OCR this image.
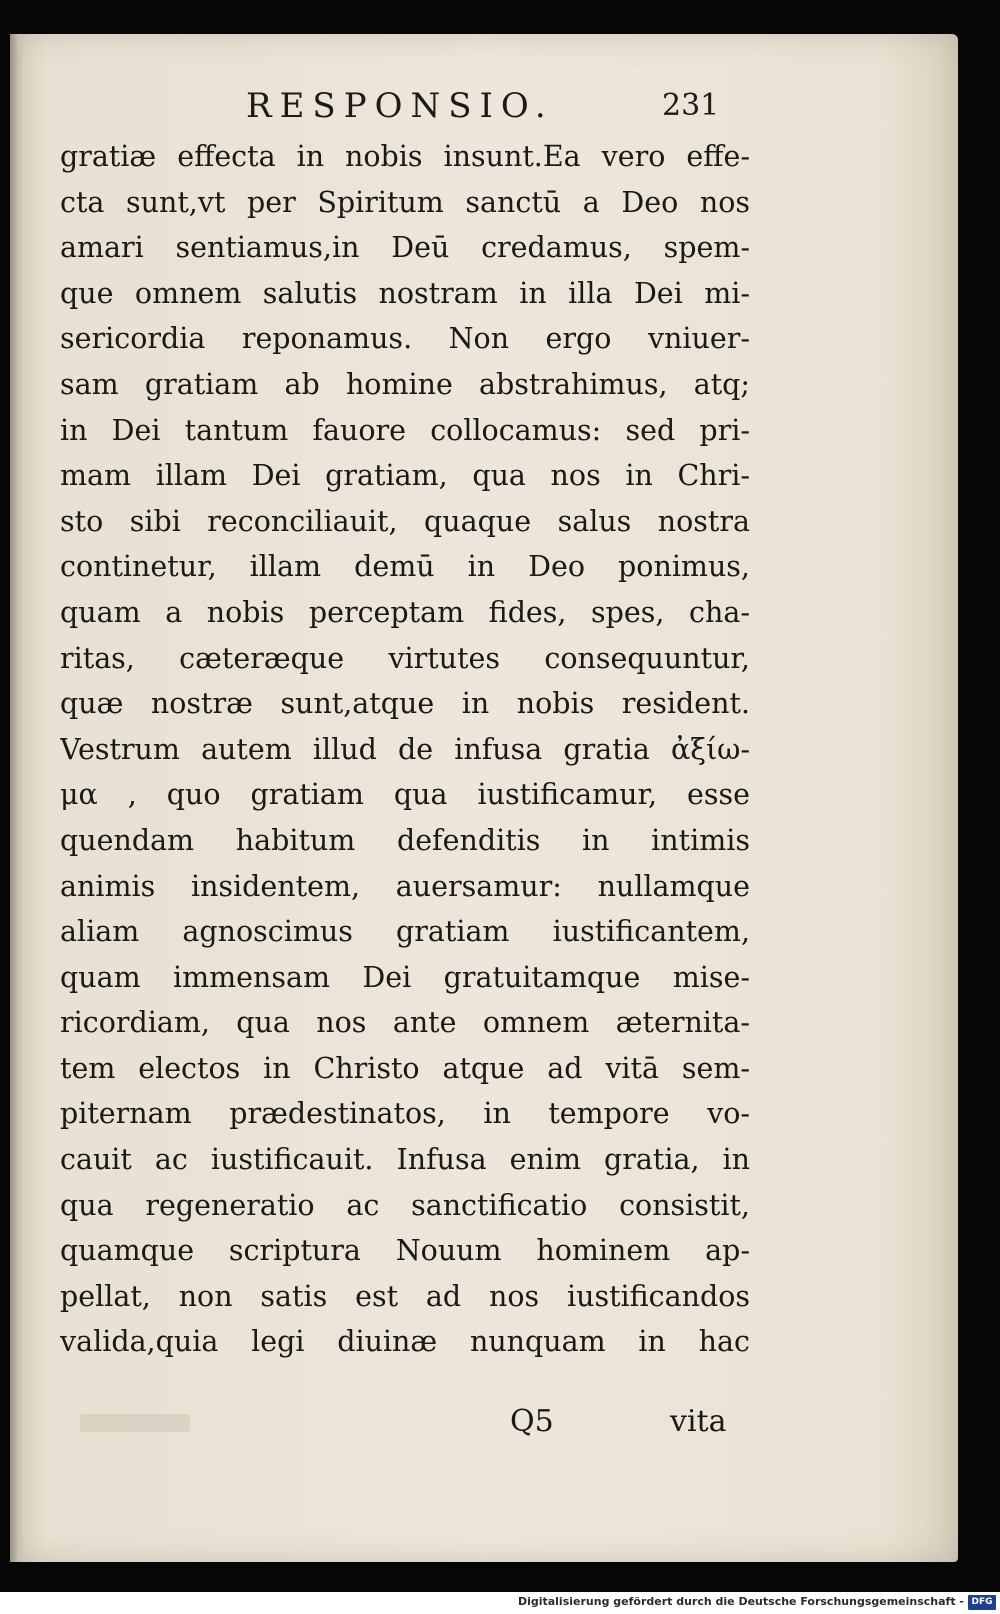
RESPONSIO.	231
gratiæ effecta in nobis insunt.Ea vero effe-
cta sunt,vt per Spiritum sanctū a Deo nos
amari sentiamus,in Deū credamus, spem-
que omnem salutis nostram in illa Dei mi-
sericordia reponamus. Non ergo vniuer-
sam gratiam ab homine abstrahimus, atq;
in Dei tantum fauore collocamus: sed pri-
mam illam Dei gratiam, qua nos in Chri-
sto sibi reconciliauit, quaque salus nostra
continetur, illam demū in Deo ponimus,
quam a nobis perceptam fides, spes, cha-
ritas, cæteræque virtutes consequuntur,
quæ nostræ sunt,atque in nobis resident.
Vestrum autem illud de infusa gratia ἀξίω-
μα , quo gratiam qua iustificamur, esse
quendam habitum defenditis in intimis
animis insidentem, auersamur: nullamque
aliam agnoscimus gratiam iustificantem,
quam immensam Dei gratuitamque mise-
ricordiam, qua nos ante omnem æternita-
tem electos in Christo atque ad vitā sem-
piternam prædestinatos, in tempore vo-
cauit ac iustificauit. Infusa enim gratia, in
qua regeneratio ac sanctificatio consistit,
quamque scriptura Nouum hominem ap-
pellat, non satis est ad nos iustificandos
valida,quia legi diuinæ nunquam in hac
Q5	vita
Digitalisierung gefördert durch die Deutsche Forschungsgemeinschaft - DFG
